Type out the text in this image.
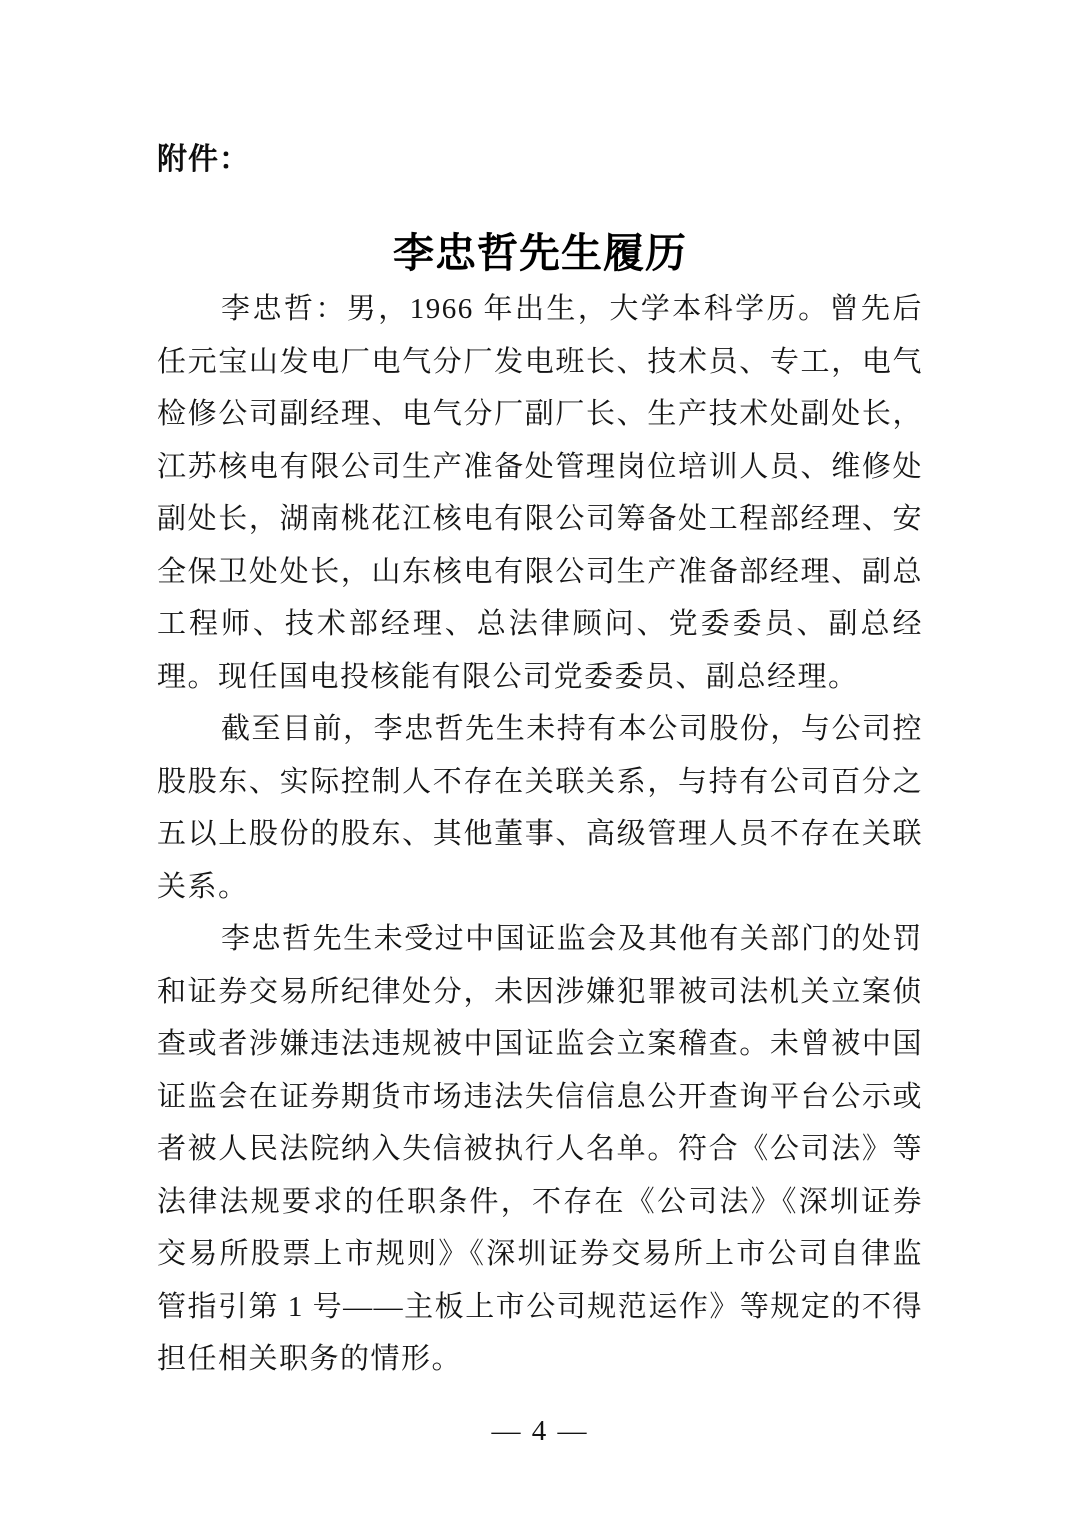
附件：
李忠哲先生履历

李忠哲：男，1966 年出生，大学本科学历。曾先后任元宝山发电厂电气分厂发电班长、技术员、专工，电气检修公司副经理、电气分厂副厂长、生产技术处副处长，江苏核电有限公司生产准备处管理岗位培训人员、维修处副处长，湖南桃花江核电有限公司筹备处工程部经理、安全保卫处处长，山东核电有限公司生产准备部经理、副总工程师、技术部经理、总法律顾问、党委委员、副总经理。现任国电投核能有限公司党委委员、副总经理。

截至目前，李忠哲先生未持有本公司股份，与公司控股股东、实际控制人不存在关联关系，与持有公司百分之五以上股份的股东、其他董事、高级管理人员不存在关联关系。

李忠哲先生未受过中国证监会及其他有关部门的处罚和证券交易所纪律处分，未因涉嫌犯罪被司法机关立案侦查或者涉嫌违法违规被中国证监会立案稽查。未曾被中国证监会在证券期货市场违法失信信息公开查询平台公示或者被人民法院纳入失信被执行人名单。符合《公司法》等法律法规要求的任职条件，不存在《公司法》《深圳证券交易所股票上市规则》《深圳证券交易所上市公司自律监管指引第 1 号——主板上市公司规范运作》等规定的不得担任相关职务的情形。

— 4 —
